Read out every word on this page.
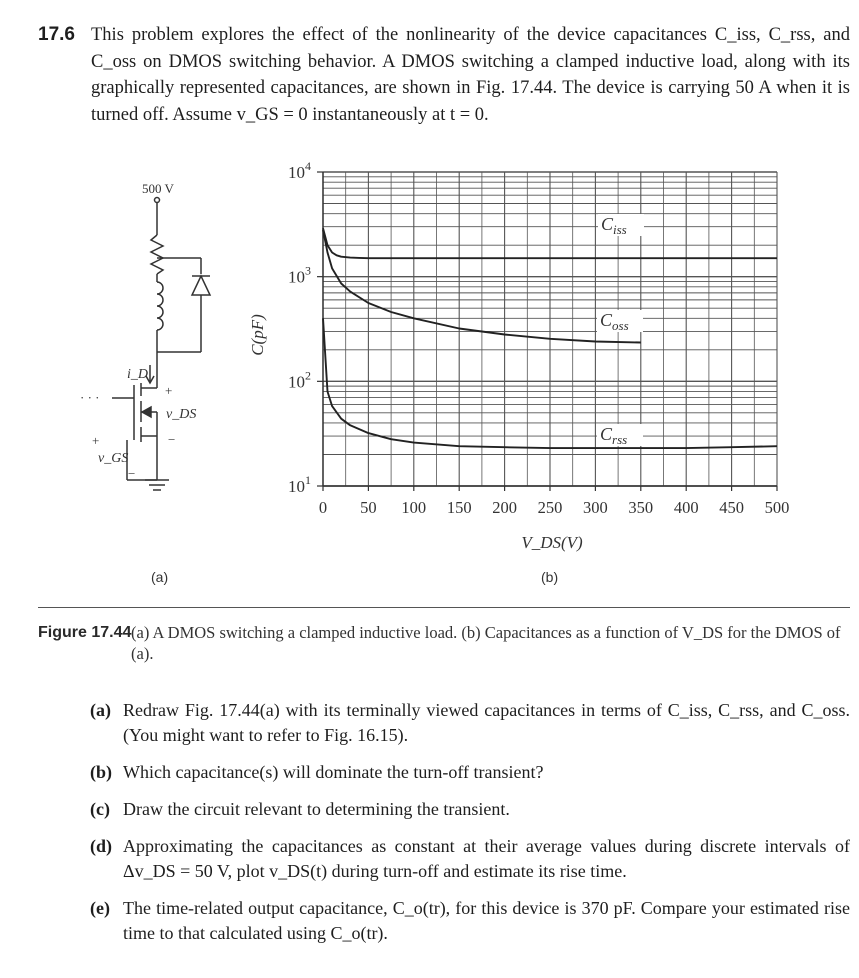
17.6 This problem explores the effect of the nonlinearity of the device capacitances C_iss, C_rss, and C_oss on DMOS switching behavior. A DMOS switching a clamped inductive load, along with its graphically represented capacitances, are shown in Fig. 17.44. The device is carrying 50 A when it is turned off. Assume v_GS = 0 instantaneously at t = 0.
500 V
i_D
+
v_DS
−
· · ·
+
v_GS
−
$10^1$
$10^2$
$10^3$
$10^4$
0 50 100 150 200 250 300 350 400 450 500
$C_{iss}$
$C_{oss}$
$C_{rss}$
C(pF)
V_DS(V)
(a)	(b)
Figure 17.44 (a) A DMOS switching a clamped inductive load. (b) Capacitances as a function of V_DS for the DMOS of (a).
(a) Redraw Fig. 17.44(a) with its terminally viewed capacitances in terms of C_iss, C_rss, and C_oss. (You might want to refer to Fig. 16.15).
(b) Which capacitance(s) will dominate the turn-off transient?
(c) Draw the circuit relevant to determining the transient.
(d) Approximating the capacitances as constant at their average values during discrete intervals of Δv_DS = 50 V, plot v_DS(t) during turn-off and estimate its rise time.
(e) The time-related output capacitance, C_o(tr), for this device is 370 pF. Compare your estimated rise time to that calculated using C_o(tr).
